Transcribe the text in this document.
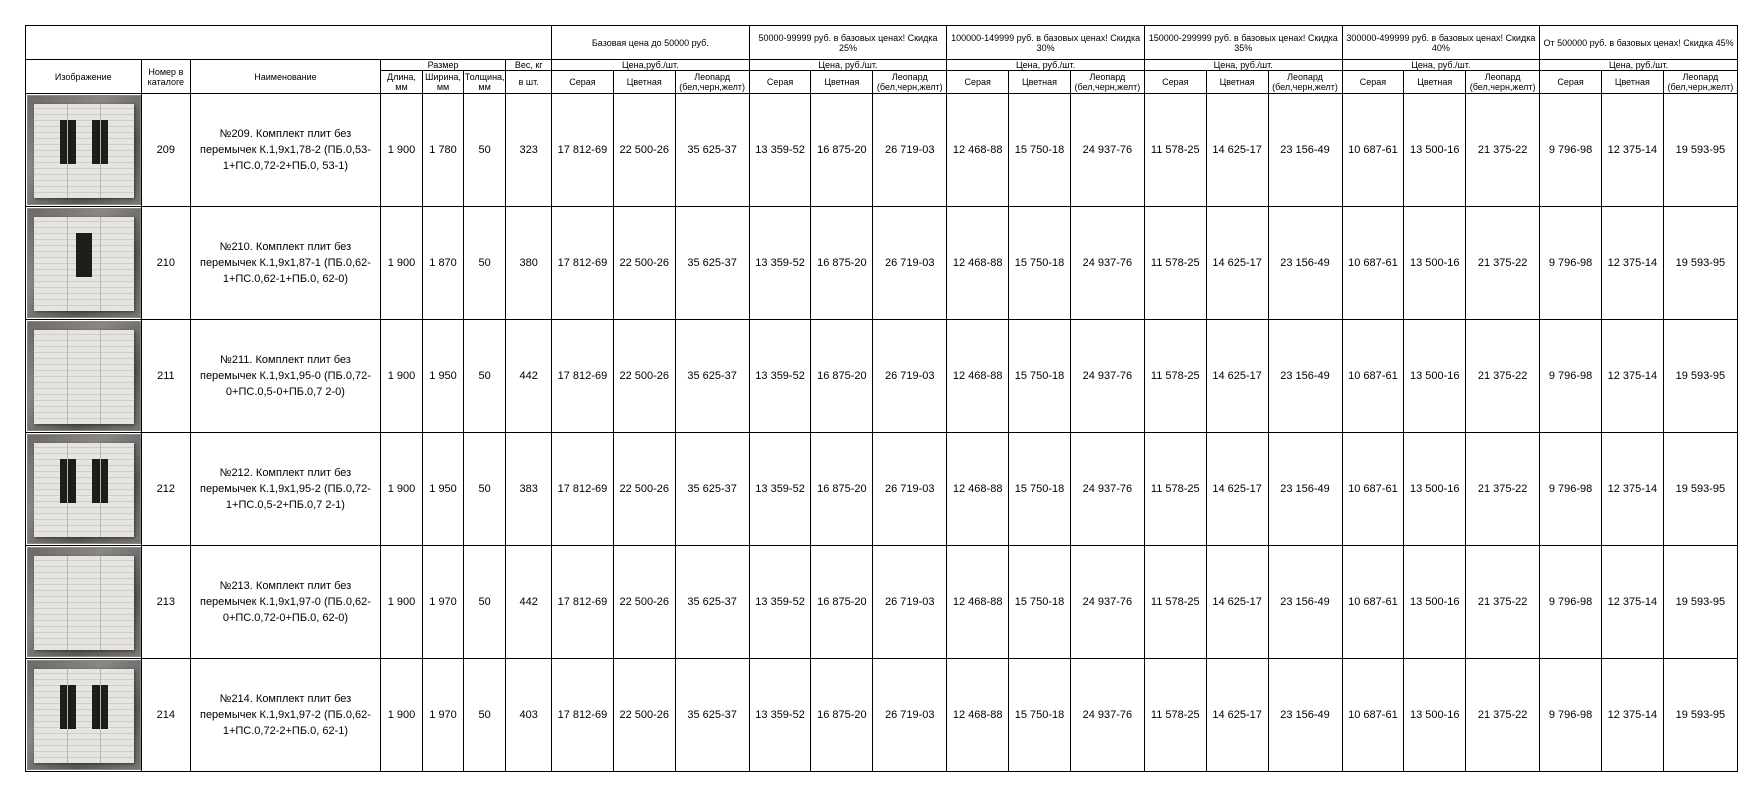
							Базовая цена до 50000 руб.			50000-99999 руб. в базовых ценах! Скидка 25%			100000-149999 руб. в базовых ценах! Скидка 30%			150000-299999 руб. в базовых ценах! Скидка 35%			300000-499999 руб. в базовых ценах! Скидка 40%			От 500000 руб. в базовых ценах! Скидка 45%		
Изображение	Номер в каталоге	Наименование	Размер			Вес, кг	Цена,руб./шт.			Цена, руб./шт.			Цена, руб./шт.			Цена, руб./шт.			Цена, руб./шт.			Цена, руб./шт.		
			Длина, мм	Ширина, мм	Толщина, мм	в шт.	Серая	Цветная	Леопард (бел,черн,желт)	Серая	Цветная	Леопард (бел,черн,желт)	Серая	Цветная	Леопард (бел,черн,желт)	Серая	Цветная	Леопард (бел,черн,желт)	Серая	Цветная	Леопард (бел,черн,желт)	Серая	Цветная	Леопард (бел,черн,желт)

	209	№209. Комплект плит без перемычек К.1,9х1,78-2 (ПБ.0,53-1+ПС.0,72-2+ПБ.0, 53-1)	1 900	1 780	50	323	17 812-69	22 500-26	35 625-37	13 359-52	16 875-20	26 719-03	12 468-88	15 750-18	24 937-76	11 578-25	14 625-17	23 156-49	10 687-61	13 500-16	21 375-22	9 796-98	12 375-14	19 593-95

	210	№210. Комплект плит без перемычек К.1,9х1,87-1 (ПБ.0,62-1+ПС.0,62-1+ПБ.0, 62-0)	1 900	1 870	50	380	17 812-69	22 500-26	35 625-37	13 359-52	16 875-20	26 719-03	12 468-88	15 750-18	24 937-76	11 578-25	14 625-17	23 156-49	10 687-61	13 500-16	21 375-22	9 796-98	12 375-14	19 593-95

	211	№211. Комплект плит без перемычек К.1,9х1,95-0 (ПБ.0,72-0+ПС.0,5-0+ПБ.0,7 2-0)	1 900	1 950	50	442	17 812-69	22 500-26	35 625-37	13 359-52	16 875-20	26 719-03	12 468-88	15 750-18	24 937-76	11 578-25	14 625-17	23 156-49	10 687-61	13 500-16	21 375-22	9 796-98	12 375-14	19 593-95

	212	№212. Комплект плит без перемычек К.1,9х1,95-2 (ПБ.0,72-1+ПС.0,5-2+ПБ.0,7 2-1)	1 900	1 950	50	383	17 812-69	22 500-26	35 625-37	13 359-52	16 875-20	26 719-03	12 468-88	15 750-18	24 937-76	11 578-25	14 625-17	23 156-49	10 687-61	13 500-16	21 375-22	9 796-98	12 375-14	19 593-95

	213	№213. Комплект плит без перемычек К.1,9х1,97-0 (ПБ.0,62-0+ПС.0,72-0+ПБ.0, 62-0)	1 900	1 970	50	442	17 812-69	22 500-26	35 625-37	13 359-52	16 875-20	26 719-03	12 468-88	15 750-18	24 937-76	11 578-25	14 625-17	23 156-49	10 687-61	13 500-16	21 375-22	9 796-98	12 375-14	19 593-95

	214	№214. Комплект плит без перемычек К.1,9х1,97-2 (ПБ.0,62-1+ПС.0,72-2+ПБ.0, 62-1)	1 900	1 970	50	403	17 812-69	22 500-26	35 625-37	13 359-52	16 875-20	26 719-03	12 468-88	15 750-18	24 937-76	11 578-25	14 625-17	23 156-49	10 687-61	13 500-16	21 375-22	9 796-98	12 375-14	19 593-95
